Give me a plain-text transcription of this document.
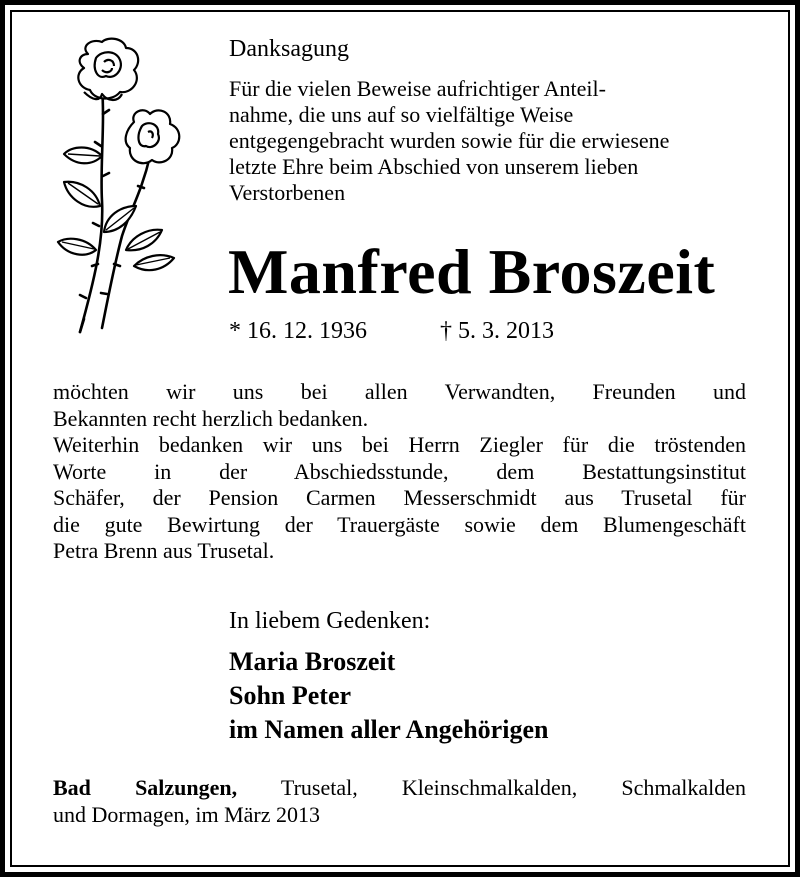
Danksagung
Für die vielen Beweise aufrichtiger Anteil-
nahme, die uns auf so vielfältige Weise
entgegengebracht wurden sowie für die erwiesene
letzte Ehre beim Abschied von unserem lieben
Verstorbenen
Manfred Broszeit
* 16. 12. 1936	† 5. 3. 2013

möchten wir uns bei allen Verwandten, Freunden und

Bekannten recht herzlich bedanken.

Weiterhin bedanken wir uns bei Herrn Ziegler für die tröstenden

Worte in der Abschiedsstunde, dem Bestattungsinstitut

Schäfer, der Pension Carmen Messerschmidt aus Trusetal für

die gute Bewirtung der Trauergäste sowie dem Blumengeschäft

Petra Brenn aus Trusetal.

In liebem Gedenken:
Maria Broszeit
Sohn Peter
im Namen aller Angehörigen
Bad Salzungen, Trusetal, Kleinschmalkalden, Schmalkalden
und Dormagen, im März 2013
